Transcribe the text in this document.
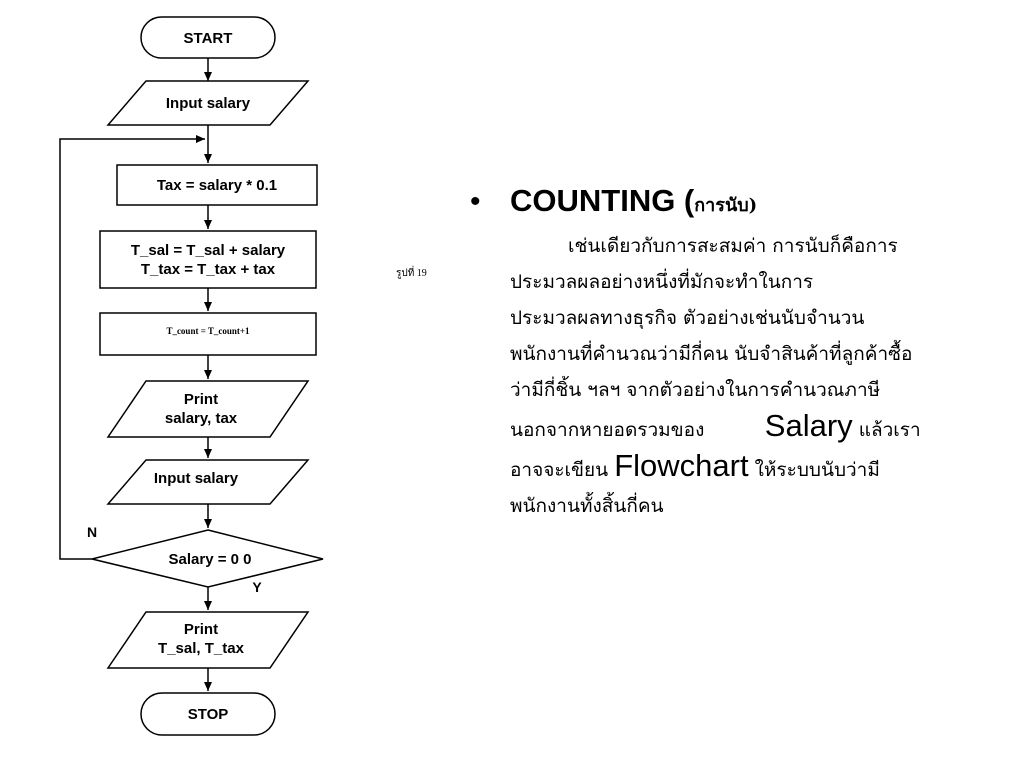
START
Input salary
Tax = salary * 0.1
T_sal = T_sal + salary
T_tax = T_tax + tax
T_count = T_count+1
Print
salary, tax
Input salary
Salary = 0 0
N
Y
Print
T_sal, T_tax
STOP
รูปที่ 19
• COUNTING ( การนับ)
เช่นเดียวกับการสะสมค่า การนับก็คือการ
ประมวลผลอย่างหนึ่งที่มักจะทำในการ
ประมวลผลทางธุรกิจ ตัวอย่างเช่นนับจำนวน
พนักงานที่คำนวณว่ามีกี่คน นับจำสินค้าที่ลูกค้าซื้อ
ว่ามีกี่ชิ้น ฯลฯ จากตัวอย่างในการคำนวณภาษี
นอกจากหายอดรวมของ Salary แล้วเรา
อาจจะเขียน Flowchart ให้ระบบนับว่ามี
พนักงานทั้งสิ้นกี่คน
